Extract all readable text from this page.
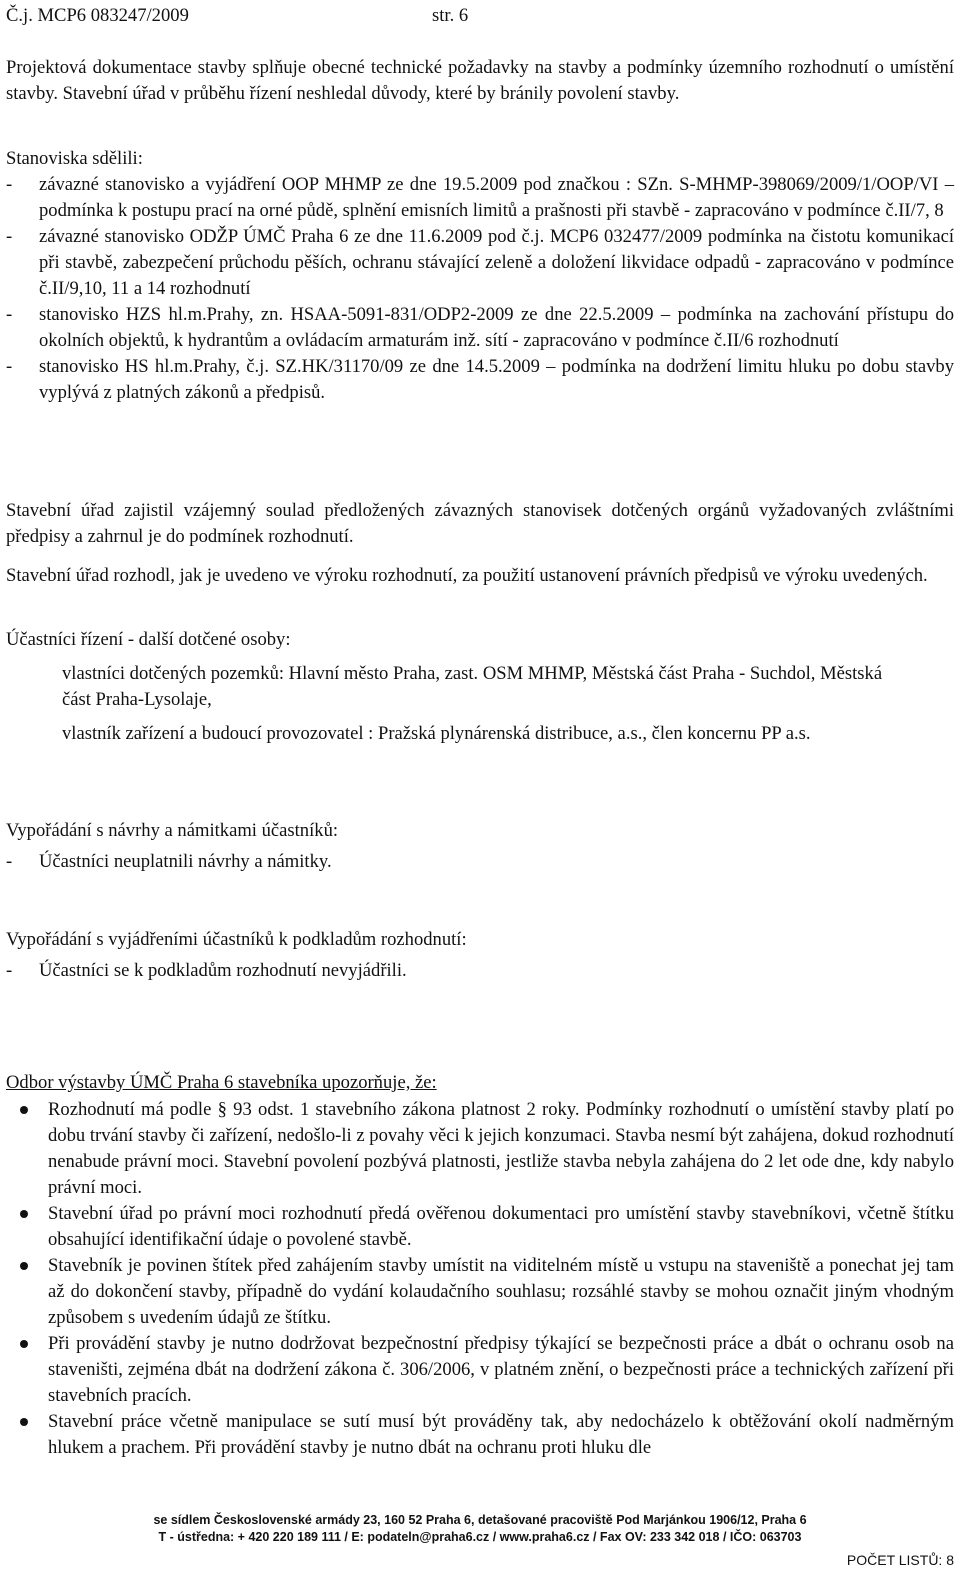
Č.j. MCP6 083247/2009	str. 6
Projektová dokumentace stavby splňuje obecné technické požadavky na stavby a podmínky územního rozhodnutí o umístění stavby. Stavební úřad v průběhu řízení neshledal důvody, které by bránily povolení stavby.
Stanoviska sdělili:
- závazné stanovisko a vyjádření OOP MHMP ze dne 19.5.2009 pod značkou : SZn. S-MHMP-398069/2009/1/OOP/VI – podmínka k postupu prací na orné půdě, splnění emisních limitů a prašnosti při stavbě - zapracováno v podmínce č.II/7, 8
- závazné stanovisko ODŽP ÚMČ Praha 6 ze dne 11.6.2009 pod č.j. MCP6 032477/2009 podmínka na čistotu komunikací při stavbě, zabezpečení průchodu pěších, ochranu stávající zeleně a doložení likvidace odpadů - zapracováno v podmínce č.II/9,10, 11 a 14 rozhodnutí
- stanovisko HZS hl.m.Prahy, zn. HSAA-5091-831/ODP2-2009 ze dne 22.5.2009 – podmínka na zachování přístupu do okolních objektů, k hydrantům a ovládacím armaturám inž. sítí - zapracováno v podmínce č.II/6 rozhodnutí
- stanovisko HS hl.m.Prahy, č.j. SZ.HK/31170/09 ze dne 14.5.2009 – podmínka na dodržení limitu hluku po dobu stavby vyplývá z platných zákonů a předpisů.
Stavební úřad zajistil vzájemný soulad předložených závazných stanovisek dotčených orgánů vyžadovaných zvláštními předpisy a zahrnul je do podmínek rozhodnutí.
Stavební úřad rozhodl, jak je uvedeno ve výroku rozhodnutí, za použití ustanovení právních předpisů ve výroku uvedených.
Účastníci řízení - další dotčené osoby:
vlastníci dotčených pozemků: Hlavní město Praha, zast. OSM MHMP, Městská část Praha - Suchdol, Městská část Praha-Lysolaje,
vlastník zařízení a budoucí provozovatel : Pražská plynárenská distribuce, a.s., člen koncernu PP a.s.
Vypořádání s návrhy a námitkami účastníků:
- Účastníci neuplatnili návrhy a námitky.
Vypořádání s vyjádřeními účastníků k podkladům rozhodnutí:
- Účastníci se k podkladům rozhodnutí nevyjádřili.
Odbor výstavby ÚMČ Praha 6 stavebníka upozorňuje, že:
Rozhodnutí má podle § 93 odst. 1 stavebního zákona platnost 2 roky. Podmínky rozhodnutí o umístění stavby platí po dobu trvání stavby či zařízení, nedošlo-li z povahy věci k jejich konzumaci. Stavba nesmí být zahájena, dokud rozhodnutí nenabude právní moci. Stavební povolení pozbývá platnosti, jestliže stavba nebyla zahájena do 2 let ode dne, kdy nabylo právní moci.
Stavební úřad po právní moci rozhodnutí předá ověřenou dokumentaci pro umístění stavby stavebníkovi, včetně štítku obsahující identifikační údaje o povolené stavbě.
Stavebník je povinen štítek před zahájením stavby umístit na viditelném místě u vstupu na staveniště a ponechat jej tam až do dokončení stavby, případně do vydání kolaudačního souhlasu; rozsáhlé stavby se mohou označit jiným vhodným způsobem s uvedením údajů ze štítku.
Při provádění stavby je nutno dodržovat bezpečnostní předpisy týkající se bezpečnosti práce a dbát o ochranu osob na staveništi, zejména dbát na dodržení zákona č. 306/2006, v platném znění, o bezpečnosti práce a technických zařízení při stavebních pracích.
Stavební práce včetně manipulace se sutí musí být prováděny tak, aby nedocházelo k obtěžování okolí nadměrným hlukem a prachem. Při provádění stavby je nutno dbát na ochranu proti hluku dle
se sídlem Československé armády 23, 160 52 Praha 6, detašované pracoviště Pod Marjánkou 1906/12, Praha 6
T - ústředna: + 420 220 189 111 / E: podateln@praha6.cz / www.praha6.cz / Fax OV: 233 342 018 / IČO: 063703
POČET LISTŮ: 8
